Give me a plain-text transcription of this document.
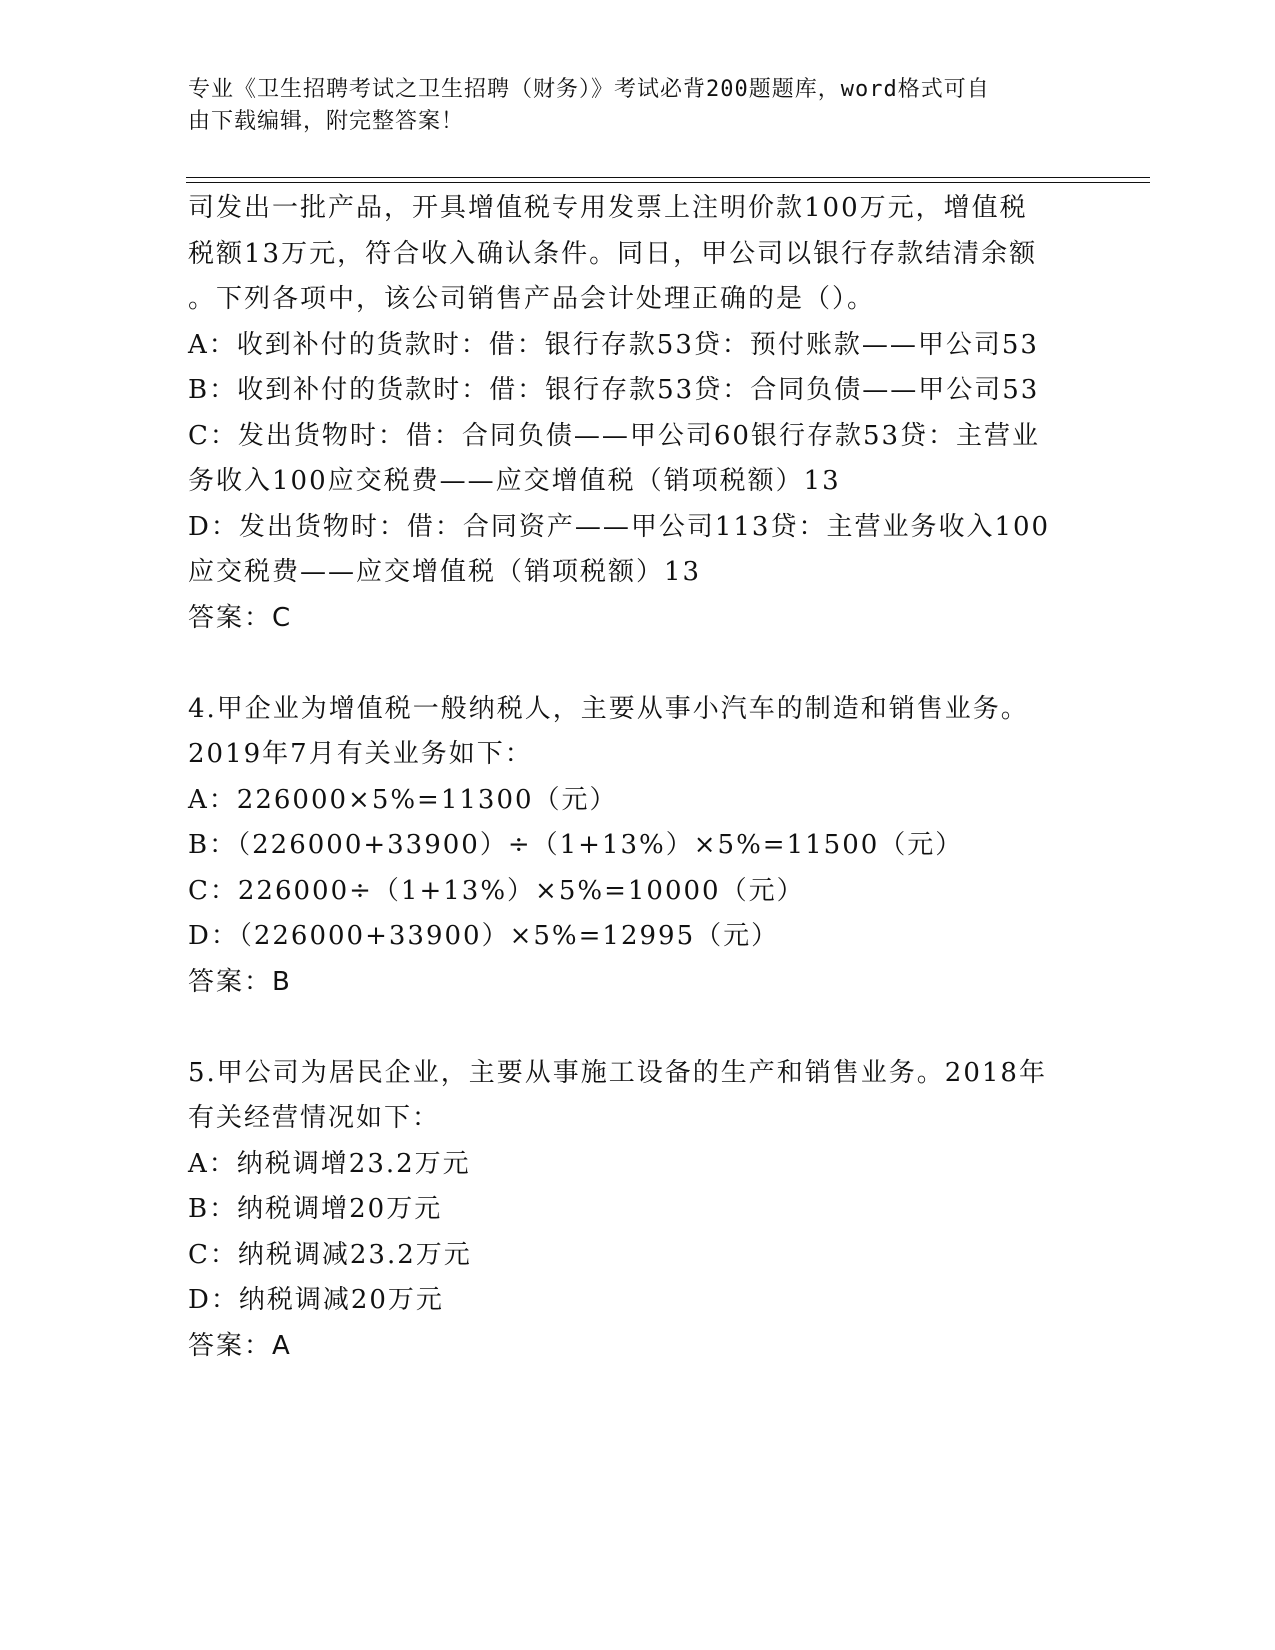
专业《卫生招聘考试之卫生招聘（财务）》考试必背200题题库，word格式可自
由下载编辑，附完整答案！
司发出一批产品，开具增值税专用发票上注明价款100万元，增值税
税额13万元，符合收入确认条件。同日，甲公司以银行存款结清余额
。下列各项中，该公司销售产品会计处理正确的是（）。
A：收到补付的货款时：借：银行存款53贷：预付账款——甲公司53
B：收到补付的货款时：借：银行存款53贷：合同负债——甲公司53
C：发出货物时：借：合同负债——甲公司60银行存款53贷：主营业
务收入100应交税费——应交增值税（销项税额）13
D：发出货物时：借：合同资产——甲公司113贷：主营业务收入100
应交税费——应交增值税（销项税额）13
答案：C
4.甲企业为增值税一般纳税人，主要从事小汽车的制造和销售业务。
2019年7月有关业务如下：
A：226000×5%=11300（元）
B：（226000+33900）÷（1+13%）×5%=11500（元）
C：226000÷（1+13%）×5%=10000（元）
D：（226000+33900）×5%=12995（元）
答案：B
5.甲公司为居民企业，主要从事施工设备的生产和销售业务。2018年
有关经营情况如下：
A：纳税调增23.2万元
B：纳税调增20万元
C：纳税调减23.2万元
D：纳税调减20万元
答案：A
